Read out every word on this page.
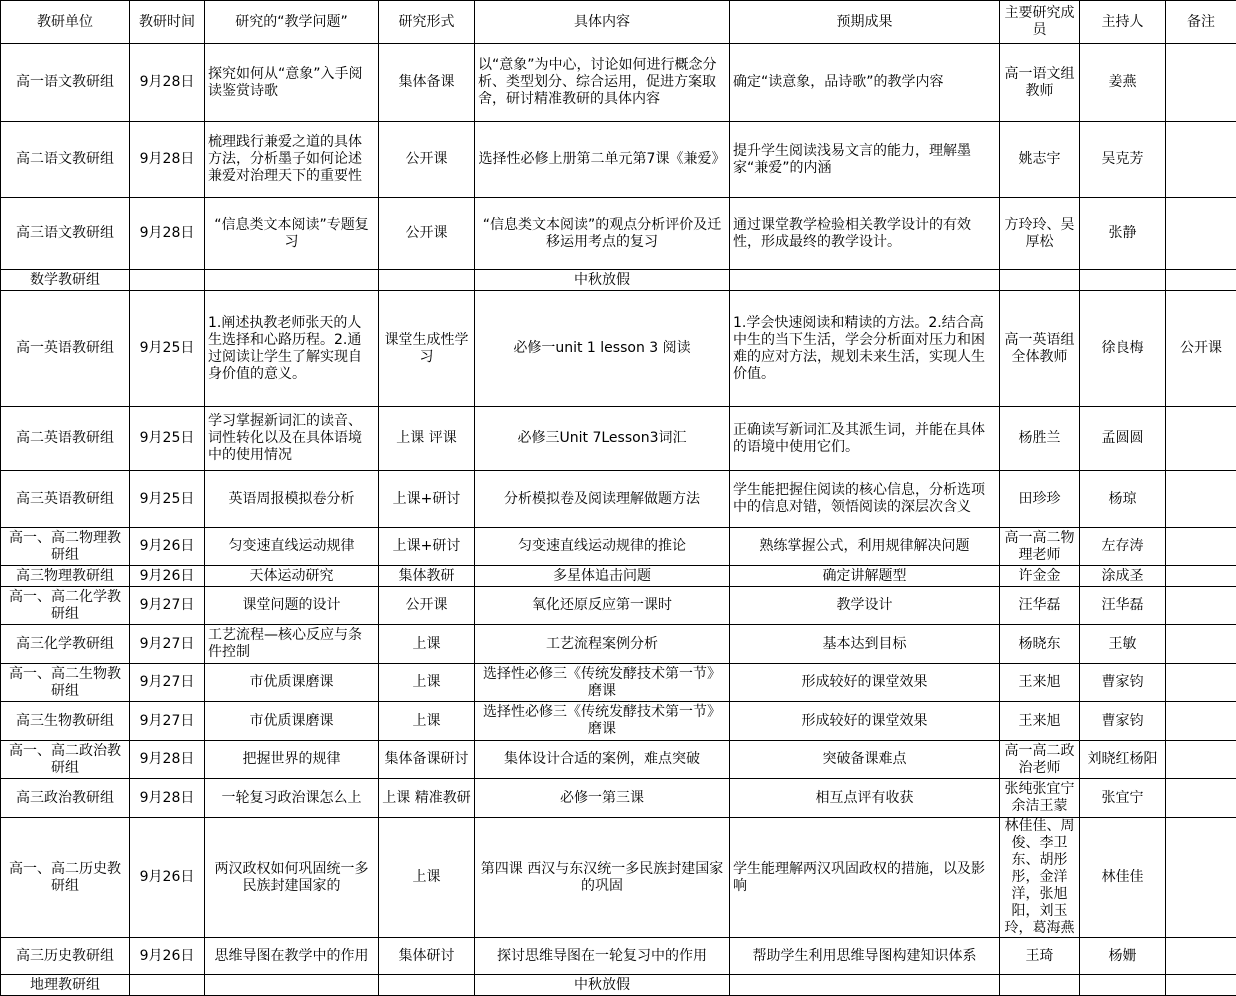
教研单位	教研时间	研究的“教学问题”	研究形式	具体内容	预期成果	主要研究成员	主持人	备注
高一语文教研组	9月28日	探究如何从“意象”入手阅读鉴赏诗歌	集体备课	以“意象”为中心，讨论如何进行概念分析、类型划分、综合运用，促进方案取舍，研讨精准教研的具体内容	确定“读意象，品诗歌”的教学内容	高一语文组教师	姜燕	
高二语文教研组	9月28日	梳理践行兼爱之道的具体方法，分析墨子如何论述兼爱对治理天下的重要性	公开课	选择性必修上册第二单元第7课《兼爱》	提升学生阅读浅易文言的能力，理解墨家“兼爱”的内涵	姚志宇	吴克芳	
高三语文教研组	9月28日	“信息类文本阅读”专题复习	公开课	“信息类文本阅读”的观点分析评价及迁移运用考点的复习	通过课堂教学检验相关教学设计的有效性，形成最终的教学设计。	方玲玲、吴厚松	张静	
数学教研组				中秋放假				
高一英语教研组	9月25日	1.阐述执教老师张天的人生选择和心路历程。2.通过阅读让学生了解实现自身价值的意义。	课堂生成性学习	必修一unit 1 lesson 3 阅读	1.学会快速阅读和精读的方法。2.结合高中生的当下生活，学会分析面对压力和困难的应对方法，规划未来生活，实现人生价值。	高一英语组全体教师	徐良梅	公开课
高二英语教研组	9月25日	学习掌握新词汇的读音、词性转化以及在具体语境中的使用情况	上课 评课	必修三Unit 7Lesson3词汇	正确读写新词汇及其派生词，并能在具体的语境中使用它们。	杨胜兰	孟圆圆	
高三英语教研组	9月25日	英语周报模拟卷分析	上课+研讨	分析模拟卷及阅读理解做题方法	学生能把握住阅读的核心信息，分析选项中的信息对错，领悟阅读的深层次含义	田珍珍	杨琼	
高一、高二物理教研组	9月26日	匀变速直线运动规律	上课+研讨	匀变速直线运动规律的推论	熟练掌握公式，利用规律解决问题	高一高二物理老师	左存涛	
高三物理教研组	9月26日	天体运动研究	集体教研	多星体追击问题	确定讲解题型	许金金	涂成圣	
高一、高二化学教研组	9月27日	课堂问题的设计	公开课	氧化还原反应第一课时	教学设计	汪华磊	汪华磊	
高三化学教研组	9月27日	工艺流程—核心反应与条件控制	上课	工艺流程案例分析	基本达到目标	杨晓东	王敏	
高一、高二生物教研组	9月27日	市优质课磨课	上课	选择性必修三《传统发酵技术第一节》磨课	形成较好的课堂效果	王来旭	曹家钧	
高三生物教研组	9月27日	市优质课磨课	上课	选择性必修三《传统发酵技术第一节》磨课	形成较好的课堂效果	王来旭	曹家钧	
高一、高二政治教研组	9月28日	把握世界的规律	集体备课研讨	集体设计合适的案例，难点突破	突破备课难点	高一高二政治老师	刘晓红杨阳	
高三政治教研组	9月28日	一轮复习政治课怎么上	上课 精准教研	必修一第三课	相互点评有收获	张纯张宜宁余洁王蒙	张宜宁	
高一、高二历史教研组	9月26日	两汉政权如何巩固统一多民族封建国家的	上课	第四课 西汉与东汉统一多民族封建国家的巩固	学生能理解两汉巩固政权的措施，以及影响	林佳佳、周俊、李卫东、胡彤彤，金洋洋，张旭阳，刘玉玲，葛海燕	林佳佳	
高三历史教研组	9月26日	思维导图在教学中的作用	集体研讨	探讨思维导图在一轮复习中的作用	帮助学生利用思维导图构建知识体系	王琦	杨姗	
地理教研组				中秋放假				
